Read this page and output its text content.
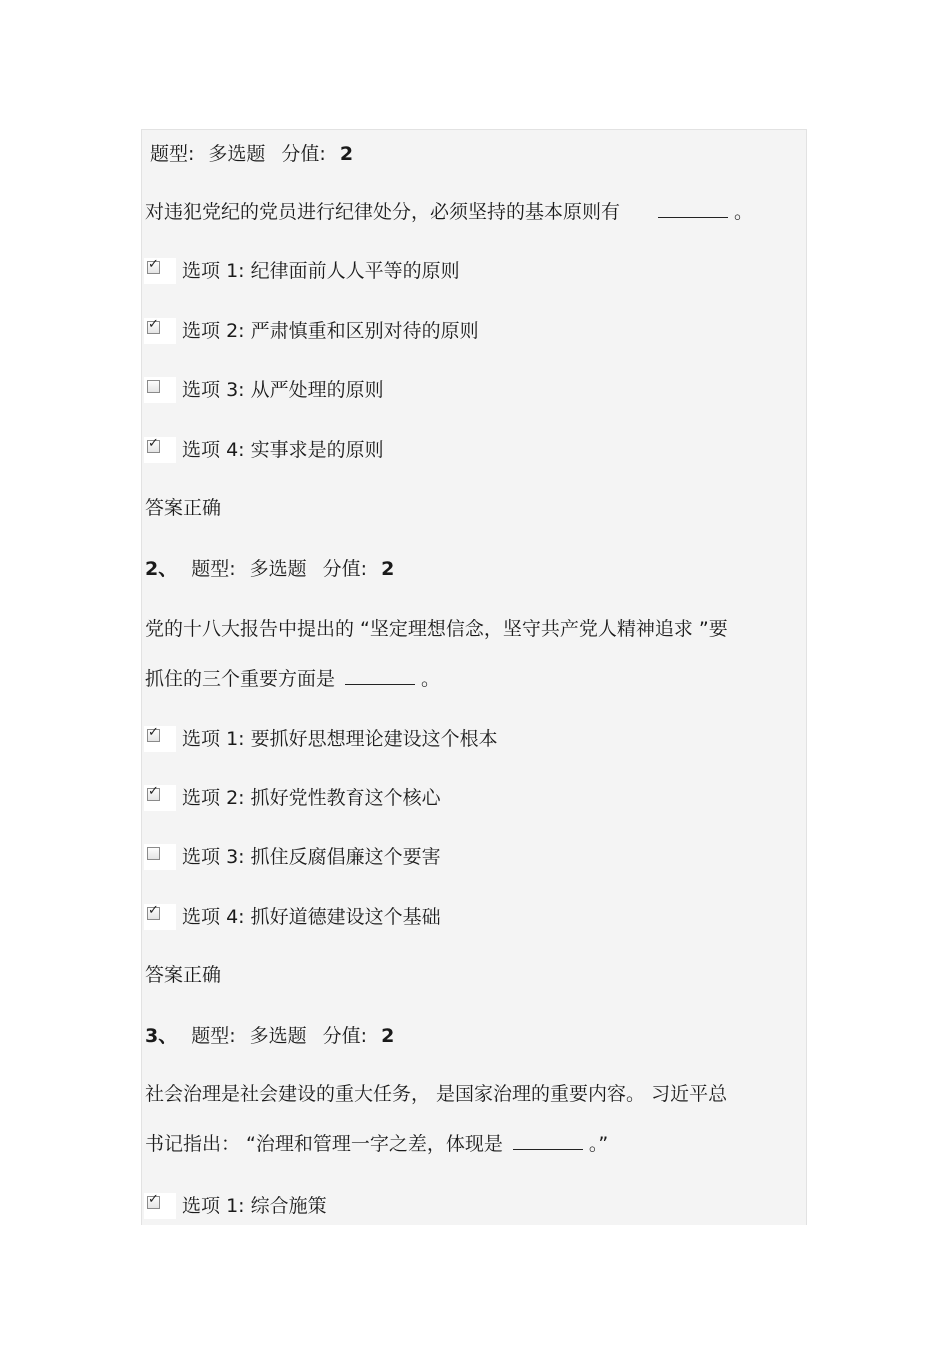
题型: 多选题 分值: 2
对违犯党纪的党员进行纪律处分，必须坚持的基本原则有	。
✓ 选项 1: 纪律面前人人平等的原则
✓ 选项 2: 严肃慎重和区别对待的原则
选项 3: 从严处理的原则
✓ 选项 4: 实事求是的原则
答案正确
2、 题型: 多选题 分值: 2
党的十八大报告中提出的 “坚定理想信念，坚守共产党人精神追求 ”要
抓住的三个重要方面是	。
✓ 选项 1: 要抓好思想理论建设这个根本
✓ 选项 2: 抓好党性教育这个核心
选项 3: 抓住反腐倡廉这个要害
✓ 选项 4: 抓好道德建设这个基础
答案正确
3、 题型: 多选题 分值: 2
社会治理是社会建设的重大任务， 是国家治理的重要内容。 习近平总
书记指出： “治理和管理一字之差，体现是	。”
✓ 选项 1: 综合施策
